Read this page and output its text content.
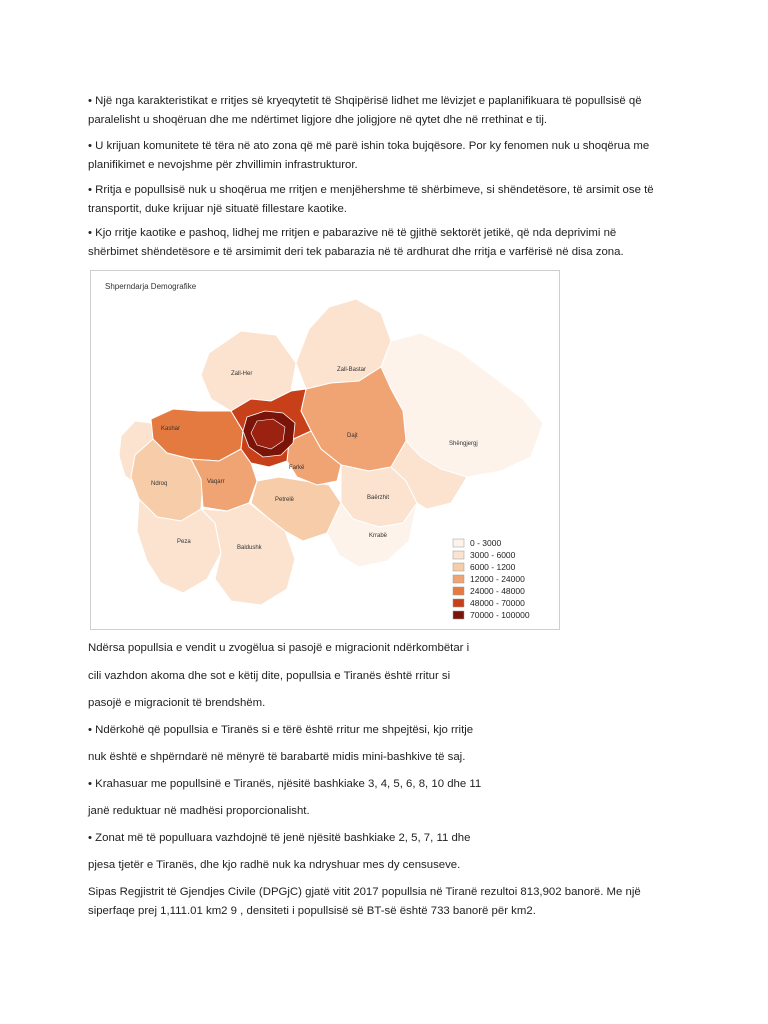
• Një nga karakteristikat e rritjes së kryeqytetit të Shqipërisë lidhet me lëvizjet e paplanifikuara të popullsisë që
paralelisht u shoqëruan dhe me ndërtimet ligjore dhe joligjore në qytet dhe në rrethinat e tij.

• U krijuan komunitete të tëra në ato zona që më parë ishin toka bujqësore. Por ky fenomen nuk u shoqërua me
planifikimet e nevojshme për zhvillimin infrastrukturor.

• Rritja e popullsisë nuk u shoqërua me rritjen e menjëhershme të shërbimeve, si shëndetësore, të arsimit ose të
transportit, duke krijuar një situatë fillestare kaotike.

• Kjo rritje kaotike e pashoq, lidhej me rritjen e pabarazive në të gjithë sektorët jetikë, që nda deprivimi në
shërbimet shëndetësore e të arsimimit deri tek pabarazia në të ardhurat dhe rritja e varfërisë në disa zona.

Shperndarja Demografike
Zall-Her
Zall-Bastar
Kashar
Dajt
Shëngjergj
Ndroq	Vaqarr
Farkë
Petrelë	Baërzhit
Krrabë
Peza
Baldushk	0 - 3000
3000 - 6000
6000 - 1200
12000 - 24000
24000 - 48000
48000 - 70000
70000 - 100000

Ndërsa popullsia e vendit u zvogëlua si pasojë e migracionit ndërkombëtar i

cili vazhdon akoma dhe sot e këtij dite, popullsia e Tiranës është rritur si

pasojë e migracionit të brendshëm.

• Ndërkohë që popullsia e Tiranës si e tërë është rritur me shpejtësi, kjo rritje

nuk është e shpërndarë në mënyrë të barabartë midis mini-bashkive të saj.

• Krahasuar me popullsinë e Tiranës, njësitë bashkiake 3, 4, 5, 6, 8, 10 dhe 11

janë reduktuar në madhësi proporcionalisht.

• Zonat më të populluara vazhdojnë të jenë njësitë bashkiake 2, 5, 7, 11 dhe

pjesa tjetër e Tiranës, dhe kjo radhë nuk ka ndryshuar mes dy censuseve.

Sipas Regjistrit të Gjendjes Civile (DPGjC) gjatë vitit 2017 popullsia në Tiranë rezultoi 813,902 banorë. Me një
siperfaqe prej 1,111.01 km2 9 , densiteti i popullsisë së BT-së është 733 banorë për km2.
